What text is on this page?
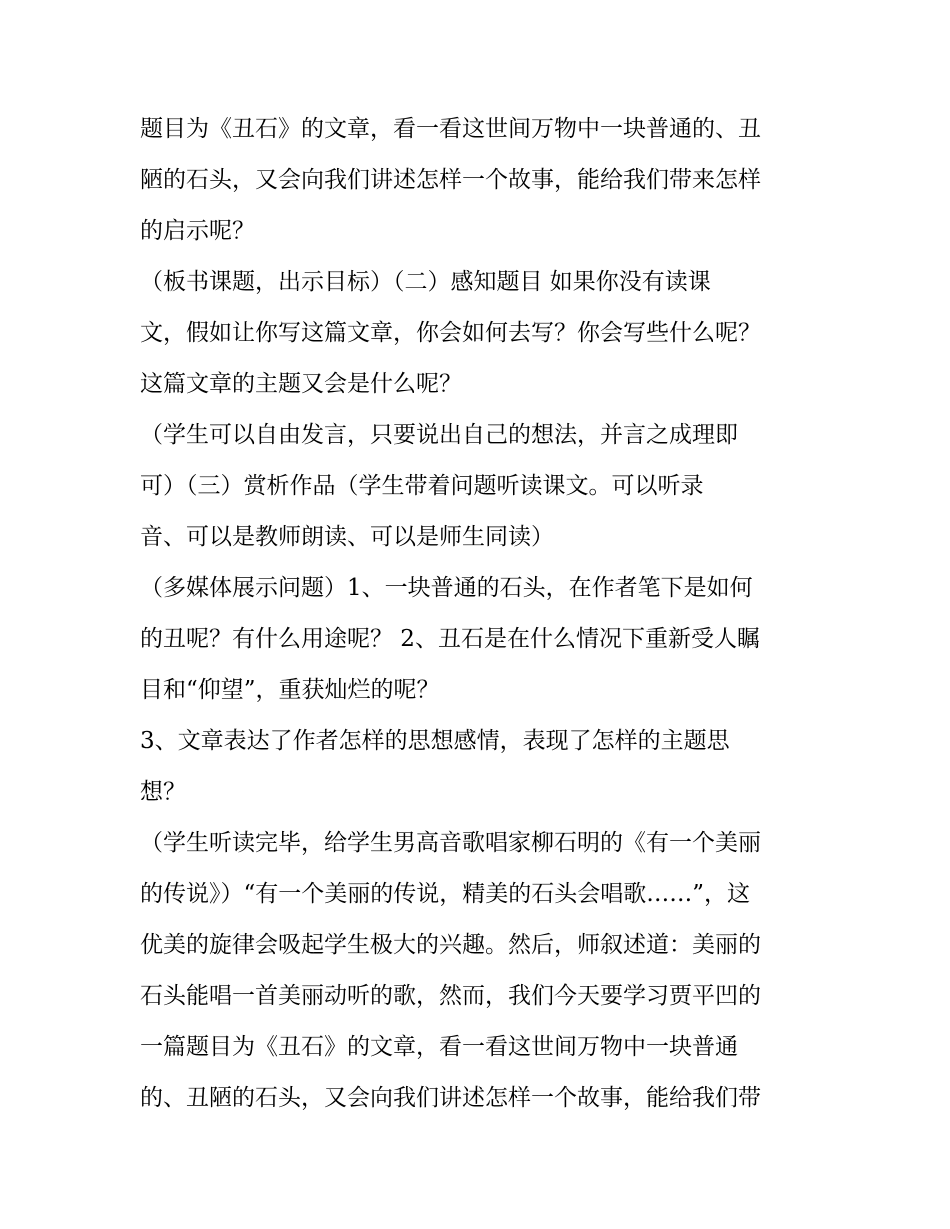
题目为《丑石》的文章，看一看这世间万物中一块普通的、丑
陋的石头，又会向我们讲述怎样一个故事，能给我们带来怎样
的启示呢？
（板书课题，出示目标）（二）感知题目 如果你没有读课
文，假如让你写这篇文章，你会如何去写？你会写些什么呢？
这篇文章的主题又会是什么呢？
（学生可以自由发言，只要说出自己的想法，并言之成理即
可）（三）赏析作品（学生带着问题听读课文。可以听录
音、可以是教师朗读、可以是师生同读）
（多媒体展示问题）1、一块普通的石头，在作者笔下是如何
的丑呢？有什么用途呢？ 2、丑石是在什么情况下重新受人瞩
目和“仰望”，重获灿烂的呢？
3、文章表达了作者怎样的思想感情，表现了怎样的主题思
想？
（学生听读完毕，给学生男高音歌唱家柳石明的《有一个美丽
的传说》）“有一个美丽的传说，精美的石头会唱歌……”，这
优美的旋律会吸起学生极大的兴趣。然后，师叙述道：美丽的
石头能唱一首美丽动听的歌，然而，我们今天要学习贾平凹的
一篇题目为《丑石》的文章，看一看这世间万物中一块普通
的、丑陋的石头，又会向我们讲述怎样一个故事，能给我们带
